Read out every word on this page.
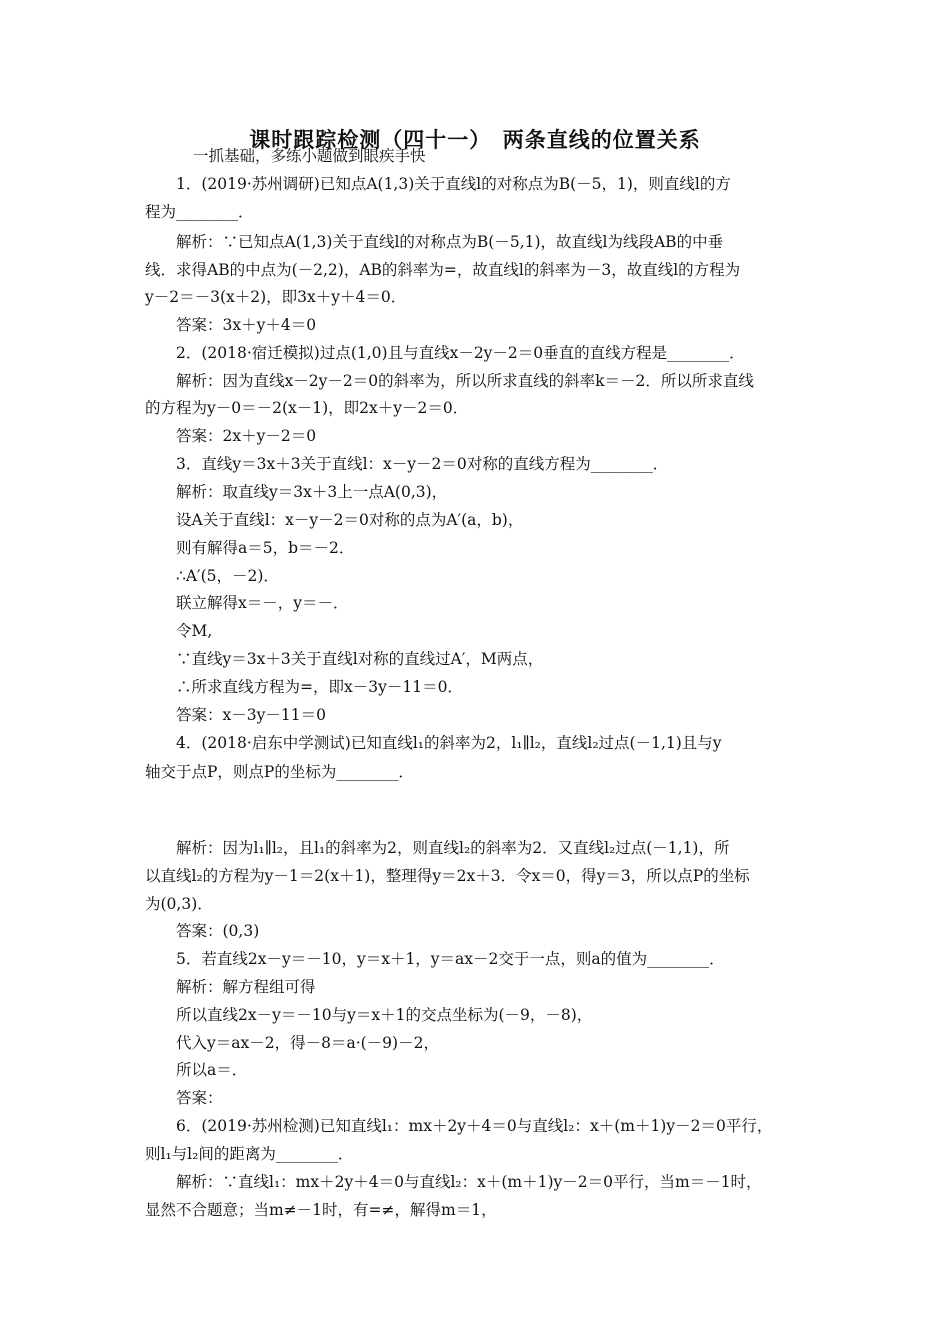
课时跟踪检测（四十一）　两条直线的位置关系
一抓基础，多练小题做到眼疾手快
1．(2019·苏州调研)已知点A(1,3)关于直线l的对称点为B(－5，1)，则直线l的方
程为________．
解析：∵已知点A(1,3)关于直线l的对称点为B(－5,1)，故直线l为线段AB的中垂
线．求得AB的中点为(－2,2)，AB的斜率为=，故直线l的斜率为－3，故直线l的方程为
y－2＝－3(x＋2)，即3x＋y＋4＝0．
答案：3x＋y＋4＝0
2．(2018·宿迁模拟)过点(1,0)且与直线x－2y－2＝0垂直的直线方程是________．
解析：因为直线x－2y－2＝0的斜率为，所以所求直线的斜率k＝－2．所以所求直线
的方程为y－0＝－2(x－1)，即2x＋y－2＝0．
答案：2x＋y－2＝0
3．直线y＝3x＋3关于直线l：x－y－2＝0对称的直线方程为________．
解析：取直线y＝3x＋3上一点A(0,3)，
设A关于直线l：x－y－2＝0对称的点为A′(a，b)，
则有解得a＝5，b＝－2．
∴A′(5，－2)．
联立解得x＝－，y＝－．
令M,
∵直线y＝3x＋3关于直线l对称的直线过A′，M两点，
∴所求直线方程为=，即x－3y－11＝0．
答案：x－3y－11＝0
4．(2018·启东中学测试)已知直线l₁的斜率为2，l₁∥l₂，直线l₂过点(－1,1)且与y
轴交于点P，则点P的坐标为________．
解析：因为l₁∥l₂，且l₁的斜率为2，则直线l₂的斜率为2．又直线l₂过点(－1,1)，所
以直线l₂的方程为y－1＝2(x＋1)，整理得y＝2x＋3．令x＝0，得y＝3，所以点P的坐标
为(0,3)．
答案：(0,3)
5．若直线2x－y＝－10，y＝x＋1，y＝ax－2交于一点，则a的值为________．
解析：解方程组可得
所以直线2x－y＝－10与y＝x＋1的交点坐标为(－9，－8)，
代入y＝ax－2，得－8＝a·(－9)－2，
所以a＝．
答案：
6．(2019·苏州检测)已知直线l₁：mx＋2y＋4＝0与直线l₂：x＋(m＋1)y－2＝0平行，
则l₁与l₂间的距离为________．
解析：∵直线l₁：mx＋2y＋4＝0与直线l₂：x＋(m＋1)y－2＝0平行，当m＝－1时，
显然不合题意；当m≠－1时，有=≠，解得m＝1，
